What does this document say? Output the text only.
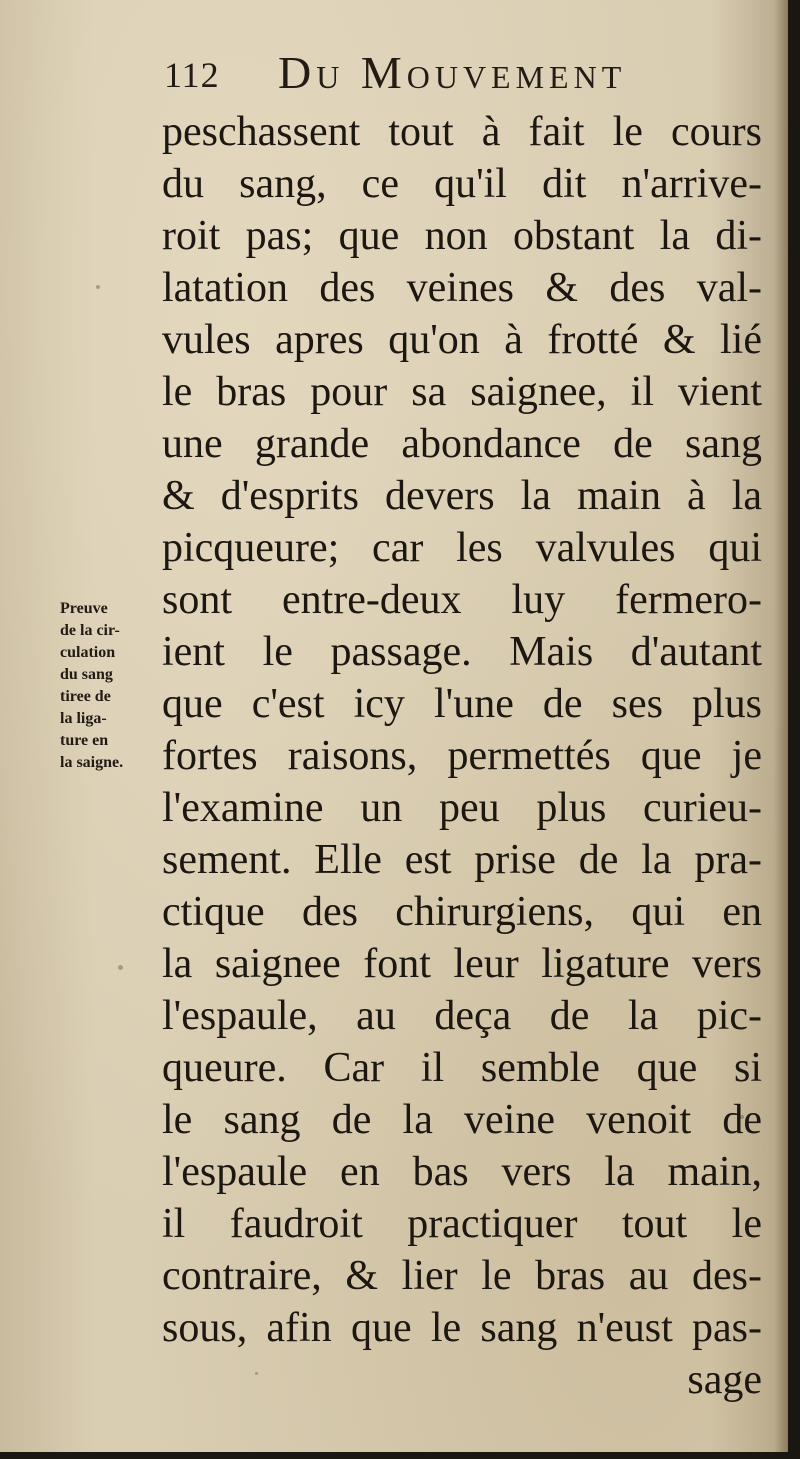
112 Du Mouvement
Preuve
de la cir-
culation
du sang
tiree de
la liga-
ture en
la saigne.
peschassent tout à fait le cours
du sang, ce qu'il dit n'arrive-
roit pas; que non obstant la di-
latation des veines & des val-
vules apres qu'on à frotté & lié
le bras pour sa saignee, il vient
une grande abondance de sang
& d'esprits devers la main à la
picqueure; car les valvules qui
sont entre-deux luy fermero-
ient le passage. Mais d'autant
que c'est icy l'une de ses plus
fortes raisons, permettés que je
l'examine un peu plus curieu-
sement. Elle est prise de la pra-
ctique des chirurgiens, qui en
la saignee font leur ligature vers
l'espaule, au deça de la pic-
queure. Car il semble que si
le sang de la veine venoit de
l'espaule en bas vers la main,
il faudroit practiquer tout le
contraire, & lier le bras au des-
sous, afin que le sang n'eust pas-
sage
